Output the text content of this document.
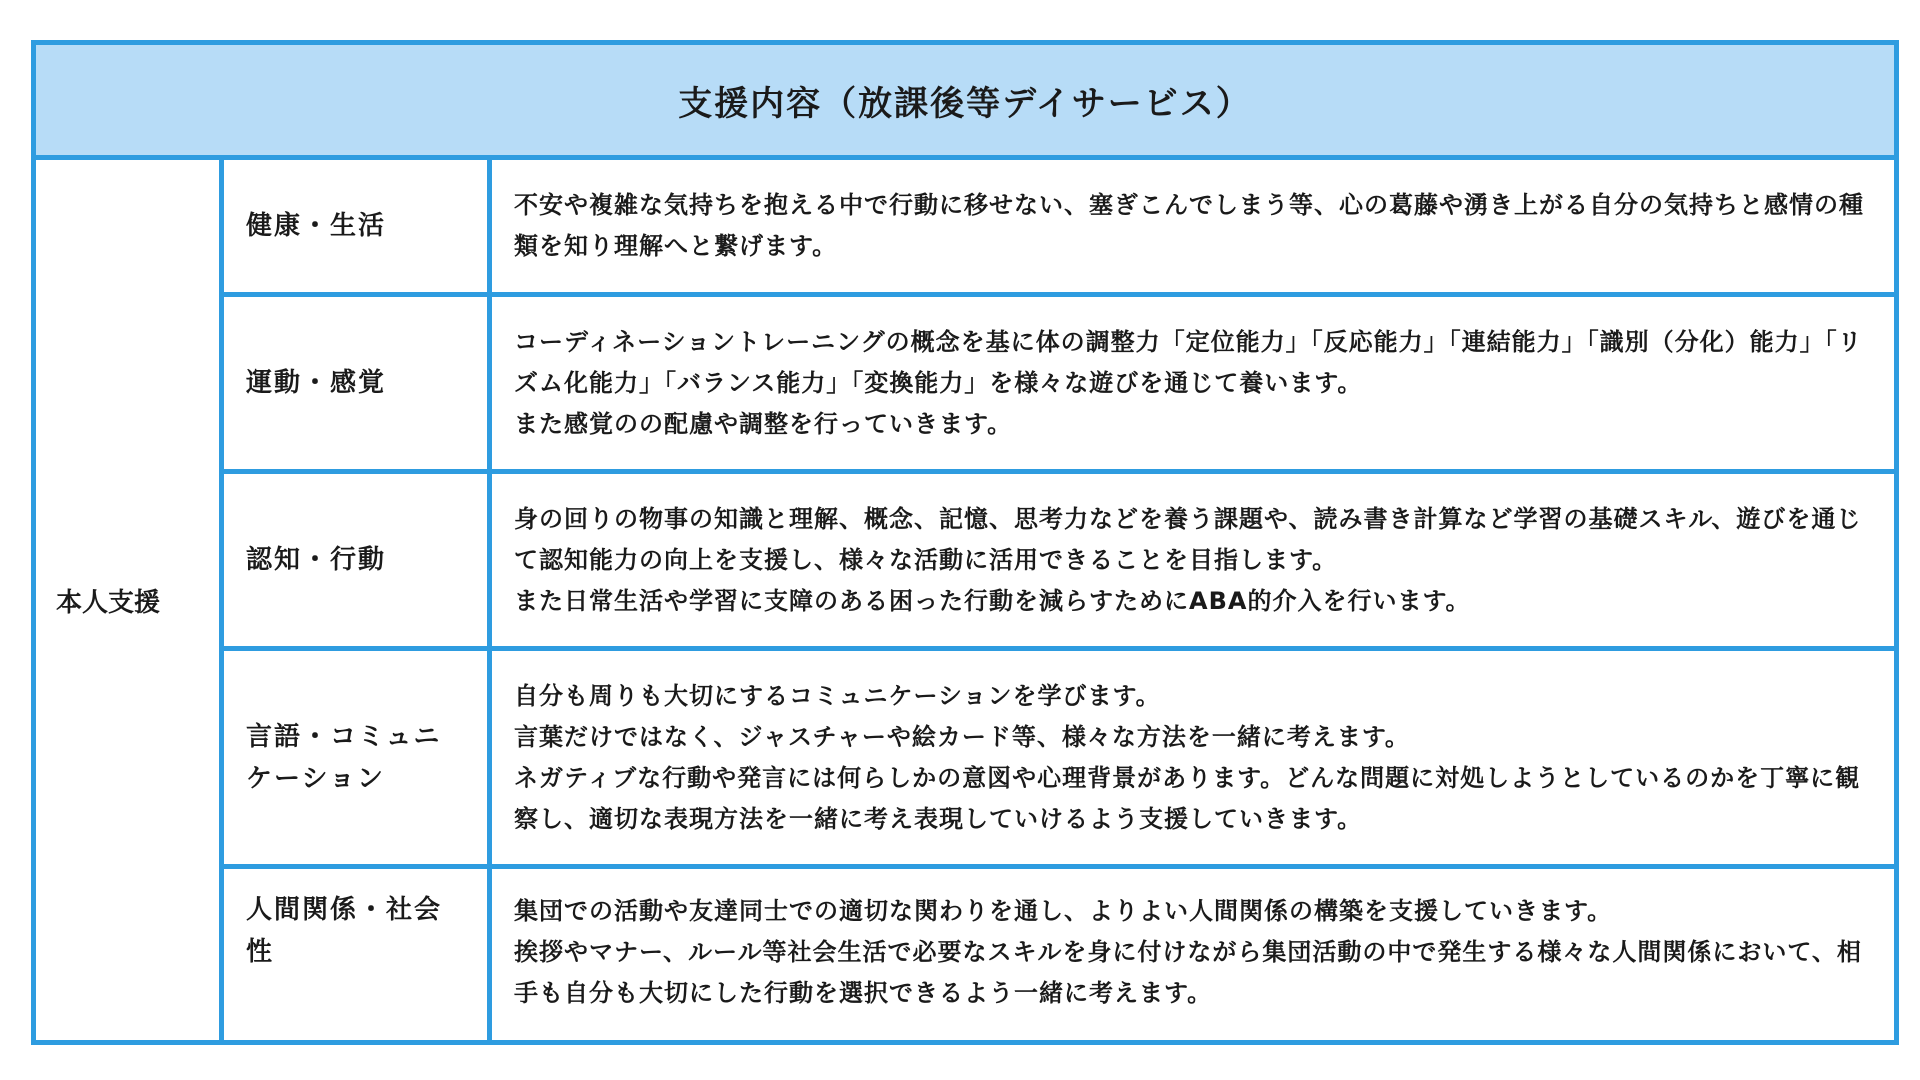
支援内容（放課後等デイサービス）
本人支援
健康・生活

不安や複雑な気持ちを抱える中で行動に移せない、塞ぎこんでしまう等、心の葛藤や湧き上がる自分の気持ちと感情の種類を知り理解へと繋げます。

運動・感覚

コーディネーショントレーニングの概念を基に体の調整力「定位能力」「反応能力」「連結能力」「識別（分化）能力」「リズム化能力」「バランス能力」「変換能力」を様々な遊びを通じて養います。

また感覚のの配慮や調整を行っていきます。

認知・行動

身の回りの物事の知識と理解、概念、記憶、思考力などを養う課題や、読み書き計算など学習の基礎スキル、遊びを通じて認知能力の向上を支援し、様々な活動に活用できることを目指します。

また日常生活や学習に支障のある困った行動を減らすためにABA的介入を行います。

言語・コミュニケーション

自分も周りも大切にするコミュニケーションを学びます。

言葉だけではなく、ジャスチャーや絵カード等、様々な方法を一緒に考えます。

ネガティブな行動や発言には何らしかの意図や心理背景があります。どんな問題に対処しようとしているのかを丁寧に観察し、適切な表現方法を一緒に考え表現していけるよう支援していきます。

人間関係・社会性

集団での活動や友達同士での適切な関わりを通し、よりよい人間関係の構築を支援していきます。

挨拶やマナー、ルール等社会生活で必要なスキルを身に付けながら集団活動の中で発生する様々な人間関係において、相手も自分も大切にした行動を選択できるよう一緒に考えます。
